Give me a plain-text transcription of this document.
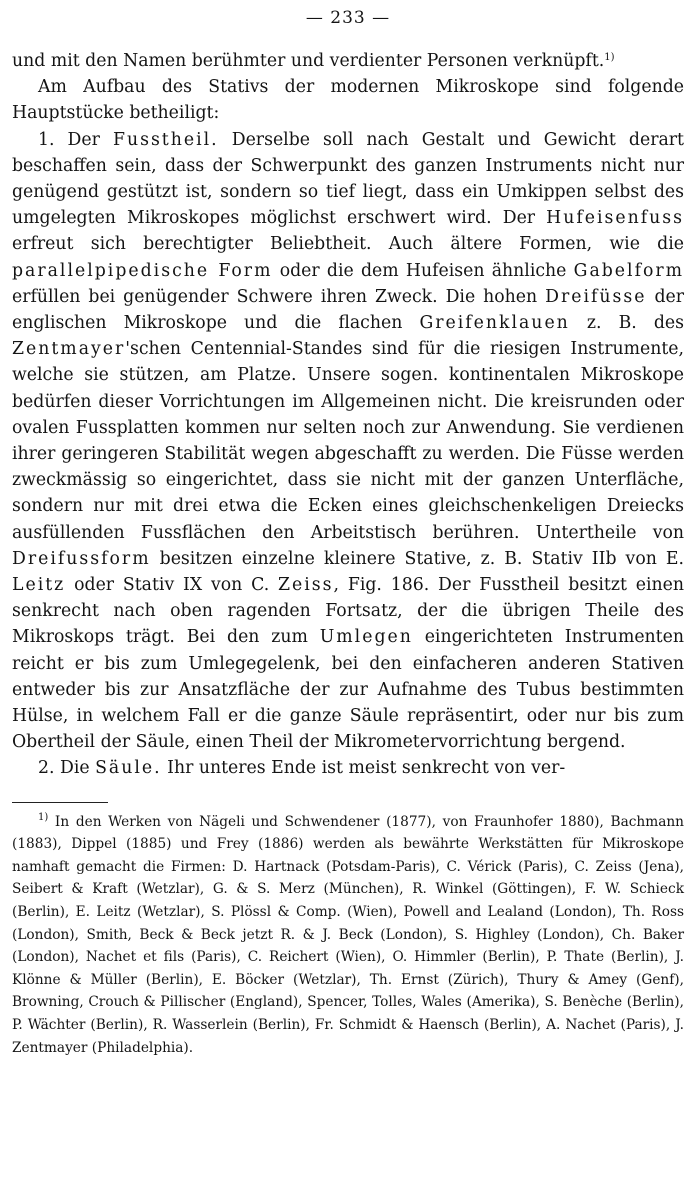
— 233 —

und mit den Namen berühmter und verdienter Personen verknüpft.$^{1)}$

Am Aufbau des Stativs der modernen Mikroskope sind folgende Hauptstücke betheiligt:

1. Der Fusstheil. Derselbe soll nach Gestalt und Gewicht derart beschaffen sein, dass der Schwerpunkt des ganzen Instruments nicht nur genügend gestützt ist, sondern so tief liegt, dass ein Umkippen selbst des umgelegten Mikroskopes möglichst erschwert wird. Der Hufeisenfuss erfreut sich berechtigter Beliebtheit. Auch ältere Formen, wie die parallelpipedische Form oder die dem Hufeisen ähnliche Gabelform erfüllen bei genügender Schwere ihren Zweck. Die hohen Dreifüsse der englischen Mikroskope und die flachen Greifenklauen z. B. des Zentmayer'schen Centennial-Standes sind für die riesigen Instrumente, welche sie stützen, am Platze. Unsere sogen. kontinentalen Mikroskope bedürfen dieser Vorrichtungen im Allgemeinen nicht. Die kreisrunden oder ovalen Fussplatten kommen nur selten noch zur Anwendung. Sie verdienen ihrer geringeren Stabilität wegen abgeschafft zu werden. Die Füsse werden zweckmässig so eingerichtet, dass sie nicht mit der ganzen Unterfläche, sondern nur mit drei etwa die Ecken eines gleichschenkeligen Dreiecks ausfüllenden Fussflächen den Arbeitstisch berühren. Untertheile von Dreifussform besitzen einzelne kleinere Stative, z. B. Stativ IIb von E. Leitz oder Stativ IX von C. Zeiss, Fig. 186. Der Fusstheil besitzt einen senkrecht nach oben ragenden Fortsatz, der die übrigen Theile des Mikroskops trägt. Bei den zum Umlegen eingerichteten Instrumenten reicht er bis zum Umlegegelenk, bei den einfacheren anderen Stativen entweder bis zur Ansatzfläche der zur Aufnahme des Tubus bestimmten Hülse, in welchem Fall er die ganze Säule repräsentirt, oder nur bis zum Obertheil der Säule, einen Theil der Mikrometervorrichtung bergend.

2. Die Säule. Ihr unteres Ende ist meist senkrecht von ver-

$^{1)}$ In den Werken von Nägeli und Schwendener (1877), von Fraunhofer 1880), Bachmann (1883), Dippel (1885) und Frey (1886) werden als bewährte Werkstätten für Mikroskope namhaft gemacht die Firmen: D. Hartnack (Potsdam-Paris), C. Vérick (Paris), C. Zeiss (Jena), Seibert & Kraft (Wetzlar), G. & S. Merz (München), R. Winkel (Göttingen), F. W. Schieck (Berlin), E. Leitz (Wetzlar), S. Plössl & Comp. (Wien), Powell and Lealand (London), Th. Ross (London), Smith, Beck & Beck jetzt R. & J. Beck (London), S. Highley (London), Ch. Baker (London), Nachet et fils (Paris), C. Reichert (Wien), O. Himmler (Berlin), P. Thate (Berlin), J. Klönne & Müller (Berlin), E. Böcker (Wetzlar), Th. Ernst (Zürich), Thury & Amey (Genf), Browning, Crouch & Pillischer (England), Spencer, Tolles, Wales (Amerika), S. Benèche (Berlin), P. Wächter (Berlin), R. Wasserlein (Berlin), Fr. Schmidt & Haensch (Berlin), A. Nachet (Paris), J. Zentmayer (Philadelphia).
